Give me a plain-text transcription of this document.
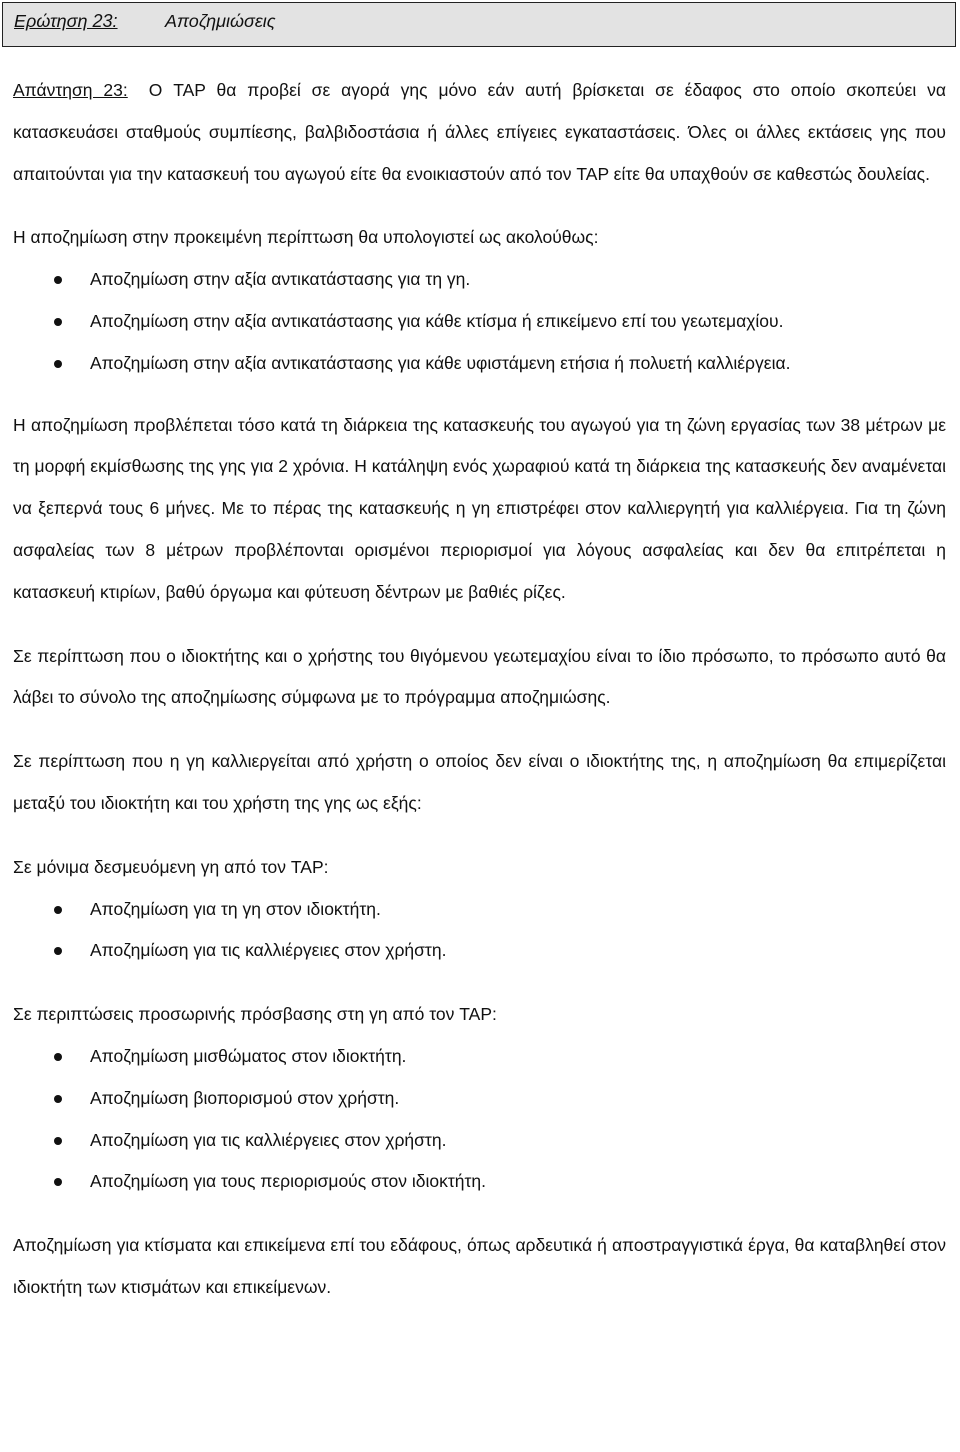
Ερώτηση 23:	Αποζημιώσεις

Απάντηση 23: Ο TAP θα προβεί σε αγορά γης μόνο εάν αυτή βρίσκεται σε έδαφος στο οποίο σκοπεύει να κατασκευάσει σταθμούς συμπίεσης, βαλβιδοστάσια ή άλλες επίγειες εγκαταστάσεις. Όλες οι άλλες εκτάσεις γης που απαιτούνται για την κατασκευή του αγωγού είτε θα ενοικιαστούν από τον TAP είτε θα υπαχθούν σε καθεστώς δουλείας.

Η αποζημίωση στην προκειμένη περίπτωση θα υπολογιστεί ως ακολούθως:

Αποζημίωση στην αξία αντικατάστασης για τη γη.
Αποζημίωση στην αξία αντικατάστασης για κάθε κτίσμα ή επικείμενο επί του γεωτεμαχίου.
Αποζημίωση στην αξία αντικατάστασης για κάθε υφιστάμενη ετήσια ή πολυετή καλλιέργεια.

Η αποζημίωση προβλέπεται τόσο κατά τη διάρκεια της κατασκευής του αγωγού για τη ζώνη εργασίας των 38 μέτρων με τη μορφή εκμίσθωσης της γης για 2 χρόνια. Η κατάληψη ενός χωραφιού κατά τη διάρκεια της κατασκευής δεν αναμένεται να ξεπερνά τους 6 μήνες. Με το πέρας της κατασκευής η γη επιστρέφει στον καλλιεργητή για καλλιέργεια. Για τη ζώνη ασφαλείας των 8 μέτρων προβλέπονται ορισμένοι περιορισμοί για λόγους ασφαλείας και δεν θα επιτρέπεται η κατασκευή κτιρίων, βαθύ όργωμα και φύτευση δέντρων με βαθιές ρίζες.

Σε περίπτωση που ο ιδιοκτήτης και ο χρήστης του θιγόμενου γεωτεμαχίου είναι το ίδιο πρόσωπο, το πρόσωπο αυτό θα λάβει το σύνολο της αποζημίωσης σύμφωνα με το πρόγραμμα αποζημιώσης.

Σε περίπτωση που η γη καλλιεργείται από χρήστη ο οποίος δεν είναι ο ιδιοκτήτης της, η αποζημίωση θα επιμερίζεται μεταξύ του ιδιοκτήτη και του χρήστη της γης ως εξής:

Σε μόνιμα δεσμευόμενη γη από τον TAP:

Αποζημίωση για τη γη στον ιδιοκτήτη.
Αποζημίωση για τις καλλιέργειες στον χρήστη.

Σε περιπτώσεις προσωρινής πρόσβασης στη γη από τον TAP:

Αποζημίωση μισθώματος στον ιδιοκτήτη.
Αποζημίωση βιοπορισμού στον χρήστη.
Αποζημίωση για τις καλλιέργειες στον χρήστη.
Αποζημίωση για τους περιορισμούς στον ιδιοκτήτη.

Αποζημίωση για κτίσματα και επικείμενα επί του εδάφους, όπως αρδευτικά ή αποστραγγιστικά έργα, θα καταβληθεί στον ιδιοκτήτη των κτισμάτων και επικείμενων.
